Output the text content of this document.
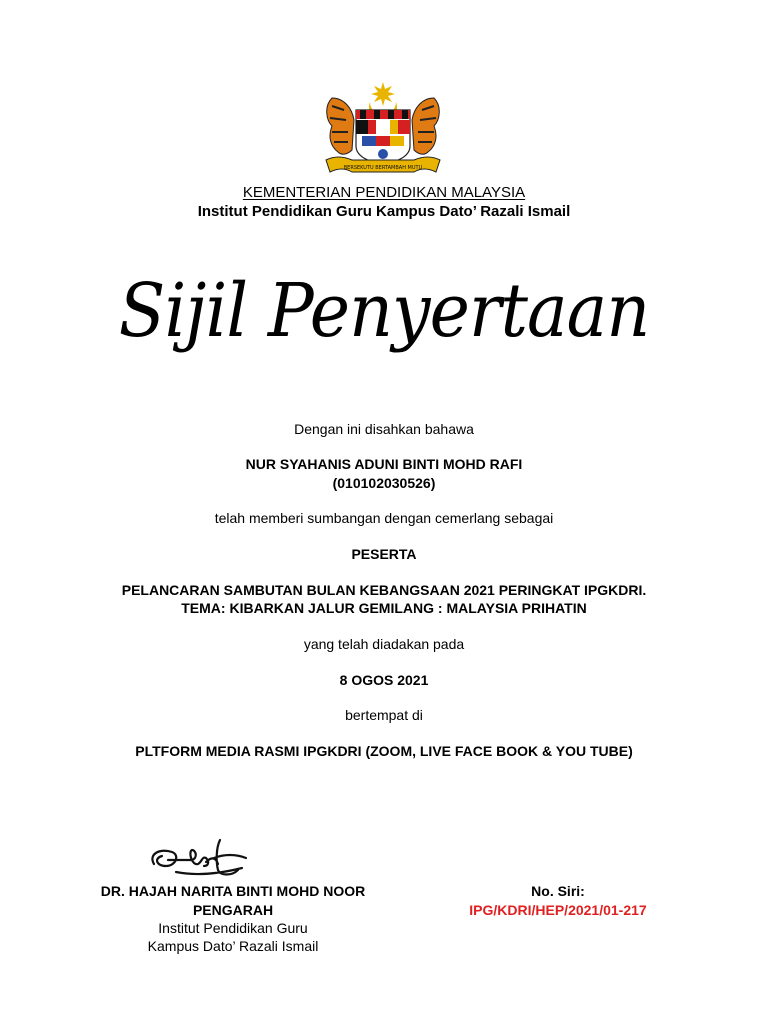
BERSEKUTU BERTAMBAH MUTU
KEMENTERIAN PENDIDIKAN MALAYSIA
Institut Pendidikan Guru Kampus Dato’ Razali Ismail
Sijil Penyertaan
Dengan ini disahkan bahawa
NUR SYAHANIS ADUNI BINTI MOHD RAFI
(010102030526)
telah memberi sumbangan dengan cemerlang sebagai
PESERTA
PELANCARAN SAMBUTAN BULAN KEBANGSAAN 2021 PERINGKAT IPGKDRI.
TEMA: KIBARKAN JALUR GEMILANG : MALAYSIA PRIHATIN
yang telah diadakan pada
8 OGOS 2021
bertempat di
PLTFORM MEDIA RASMI IPGKDRI (ZOOM, LIVE FACE BOOK & YOU TUBE)
DR. HAJAH NARITA BINTI MOHD NOOR
PENGARAH
Institut Pendidikan Guru
Kampus Dato’ Razali Ismail
No. Siri:
IPG/KDRI/HEP/2021/01-217
